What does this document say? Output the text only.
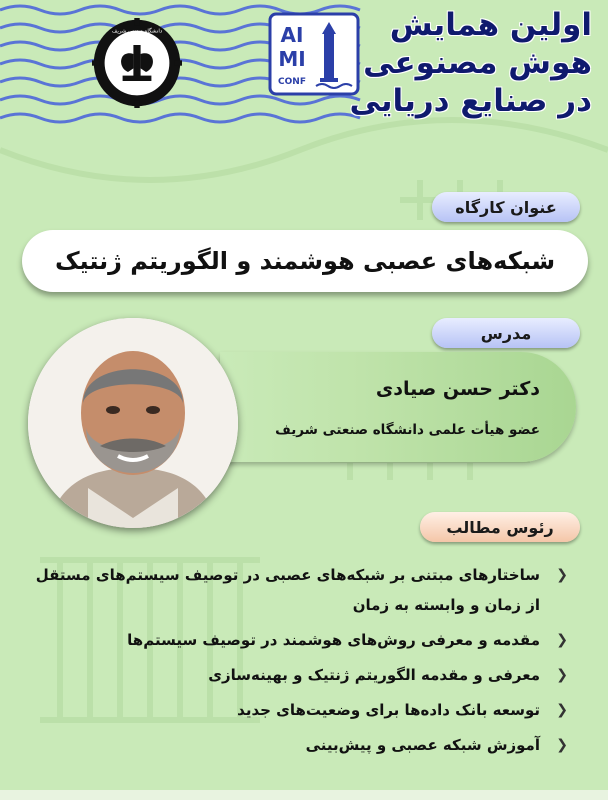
دانشگاه صنعتی شریف	AI
MI
CONF
اولین همایش
هوش مصنوعی
در صنایع دریایی
عنوان کارگاه
شبکه‌های عصبی هوشمند و الگوریتم ژنتیک
مدرس
دکتر حسن صیادی
عضو هیأت علمی دانشگاه صنعتی شریف
رئوس مطالب
❮
ساختارهای مبتنی بر شبکه‌های عصبی در توصیف سیستم‌های مستقل از زمان و وابسته به زمان
❮
مقدمه و معرفی روش‌های هوشمند در توصیف سیستم‌ها
❮
معرفی و مقدمه الگوریتم ژنتیک و بهینه‌سازی
❮
توسعه بانک داده‌ها برای وضعیت‌های جدید
❮
آموزش شبکه عصبی و پیش‌بینی
